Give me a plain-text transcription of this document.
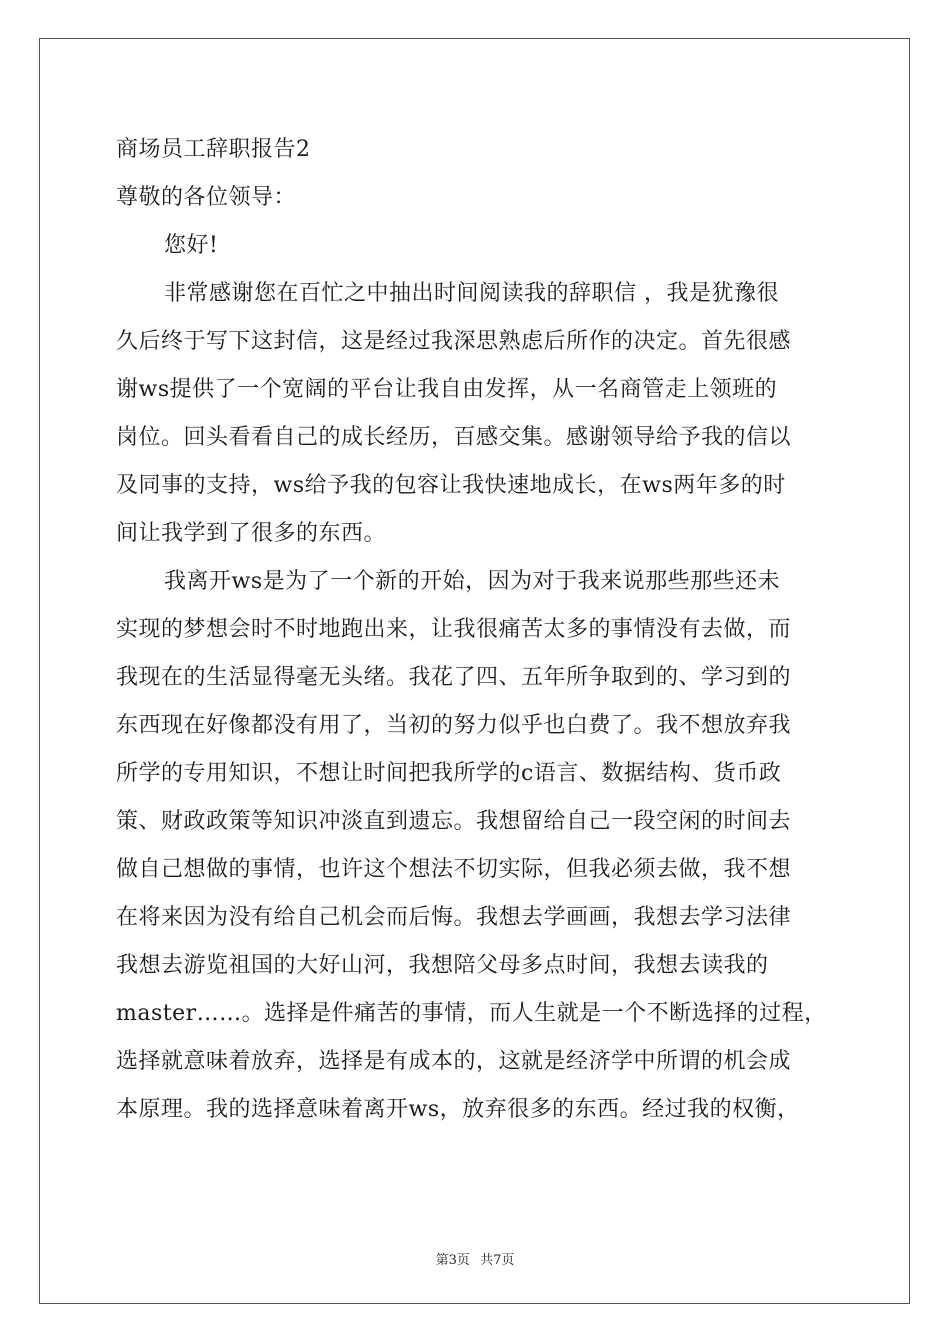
商场员工辞职报告2
尊敬的各位领导：
您好!
非常感谢您在百忙之中抽出时间阅读我的辞职信 ，我是犹豫很
久后终于写下这封信，这是经过我深思熟虑后所作的决定。首先很感
谢ws提供了一个宽阔的平台让我自由发挥，从一名商管走上领班的
岗位。回头看看自己的成长经历，百感交集。感谢领导给予我的信以
及同事的支持，ws给予我的包容让我快速地成长，在ws两年多的时
间让我学到了很多的东西。
我离开ws是为了一个新的开始，因为对于我来说那些那些还未
实现的梦想会时不时地跑出来，让我很痛苦太多的事情没有去做，而
我现在的生活显得毫无头绪。我花了四、五年所争取到的、学习到的
东西现在好像都没有用了，当初的努力似乎也白费了。我不想放弃我
所学的专用知识，不想让时间把我所学的c语言、数据结构、货币政
策、财政政策等知识冲淡直到遗忘。我想留给自己一段空闲的时间去
做自己想做的事情，也许这个想法不切实际，但我必须去做，我不想
在将来因为没有给自己机会而后悔。我想去学画画，我想去学习法律
我想去游览祖国的大好山河，我想陪父母多点时间，我想去读我的
master……。选择是件痛苦的事情，而人生就是一个不断选择的过程，
选择就意味着放弃，选择是有成本的，这就是经济学中所谓的机会成
本原理。我的选择意味着离开ws，放弃很多的东西。经过我的权衡，
第3页 共7页
